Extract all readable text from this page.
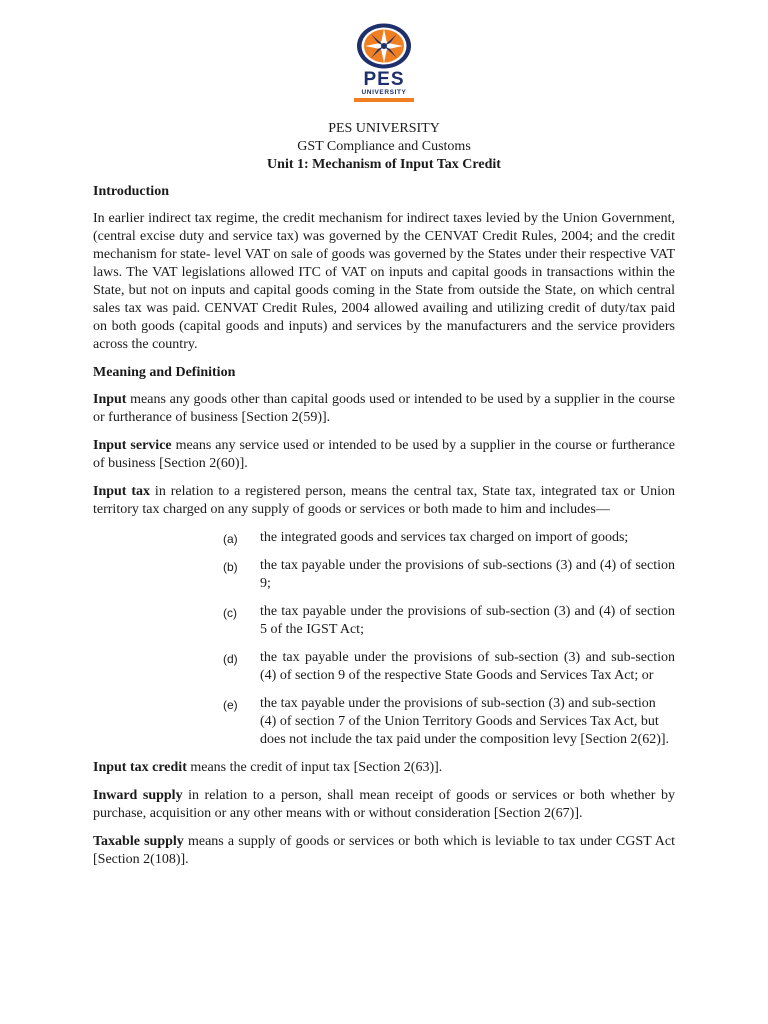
PES
UNIVERSITY
PES UNIVERSITY
GST Compliance and Customs
Unit 1: Mechanism of Input Tax Credit

Introduction

In earlier indirect tax regime, the credit mechanism for indirect taxes levied by the Union Government, (central excise duty and service tax) was governed by the CENVAT Credit Rules, 2004; and the credit mechanism for state- level VAT on sale of goods was governed by the States under their respective VAT laws. The VAT legislations allowed ITC of VAT on inputs and capital goods in transactions within the State, but not on inputs and capital goods coming in the State from outside the State, on which central sales tax was paid. CENVAT Credit Rules, 2004 allowed availing and utilizing credit of duty/tax paid on both goods (capital goods and inputs) and services by the manufacturers and the service providers across the country.

Meaning and Definition

Input means any goods other than capital goods used or intended to be used by a supplier in the course or furtherance of business [Section 2(59)].

Input service means any service used or intended to be used by a supplier in the course or furtherance of business [Section 2(60)].

Input tax in relation to a registered person, means the central tax, State tax, integrated tax or Union territory tax charged on any supply of goods or services or both made to him and includes—

(a) the integrated goods and services tax charged on import of goods;
(b) the tax payable under the provisions of sub-sections (3) and (4) of section 9;
(c) the tax payable under the provisions of sub-section (3) and (4) of section 5 of the IGST Act;
(d) the tax payable under the provisions of sub-section (3) and sub-section (4) of section 9 of the respective State Goods and Services Tax Act; or
(e) the tax payable under the provisions of sub-section (3) and sub-section (4) of section 7 of the Union Territory Goods and Services Tax Act, but does not include the tax paid under the composition levy [Section 2(62)].

Input tax credit means the credit of input tax [Section 2(63)].

Inward supply in relation to a person, shall mean receipt of goods or services or both whether by purchase, acquisition or any other means with or without consideration [Section 2(67)].

Taxable supply means a supply of goods or services or both which is leviable to tax under CGST Act [Section 2(108)].
